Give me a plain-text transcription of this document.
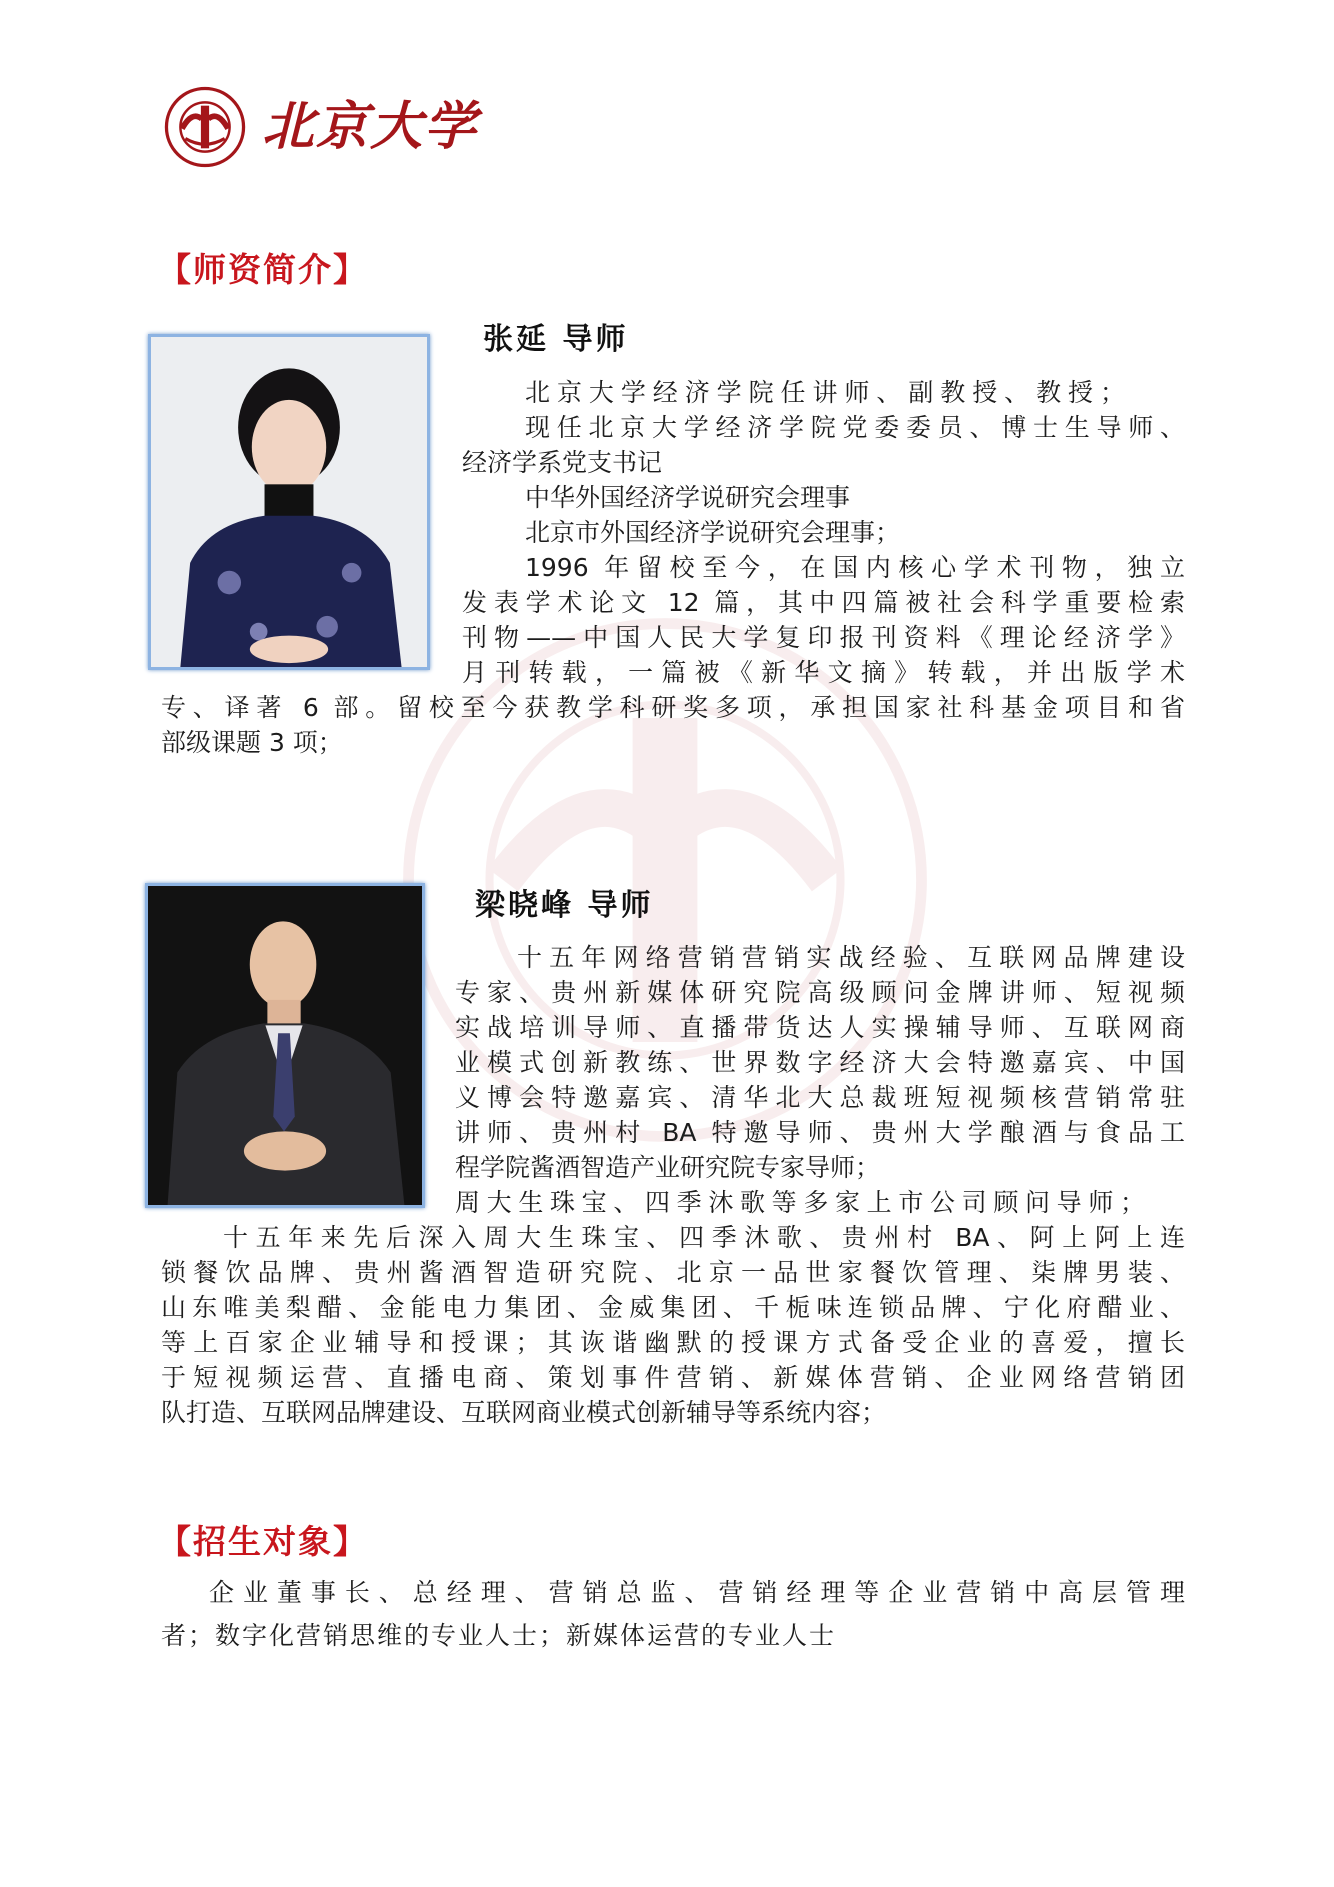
北京大学
【师资简介】
张延 导师
北京大学经济学院任讲师、副教授、教授；
现任北京大学经济学院党委委员、博士生导师、
经济学系党支书记
中华外国经济学说研究会理事
北京市外国经济学说研究会理事；
1996 年留校至今，在国内核心学术刊物，独立
发表学术论文 12 篇，其中四篇被社会科学重要检索
刊物——中国人民大学复印报刊资料《理论经济学》
月刊转载，一篇被《新华文摘》转载，并出版学术
专、译著 6 部。留校至今获教学科研奖多项，承担国家社科基金项目和省
部级课题 3 项；
梁晓峰 导师
十五年网络营销营销实战经验、互联网品牌建设
专家、贵州新媒体研究院高级顾问金牌讲师、短视频
实战培训导师、直播带货达人实操辅导师、互联网商
业模式创新教练、世界数字经济大会特邀嘉宾、中国
义博会特邀嘉宾、清华北大总裁班短视频核营销常驻
讲师、贵州村 BA 特邀导师、贵州大学酿酒与食品工
程学院酱酒智造产业研究院专家导师；
周大生珠宝、四季沐歌等多家上市公司顾问导师；
十五年来先后深入周大生珠宝、四季沐歌、贵州村 BA、阿上阿上连
锁餐饮品牌、贵州酱酒智造研究院、北京一品世家餐饮管理、柒牌男装、
山东唯美梨醋、金能电力集团、金威集团、千栀味连锁品牌、宁化府醋业、
等上百家企业辅导和授课；其诙谐幽默的授课方式备受企业的喜爱，擅长
于短视频运营、直播电商、策划事件营销、新媒体营销、企业网络营销团
队打造、互联网品牌建设、互联网商业模式创新辅导等系统内容；
【招生对象】
企业董事长、总经理、营销总监、营销经理等企业营销中高层管理
者；数字化营销思维的专业人士；新媒体运营的专业人士
